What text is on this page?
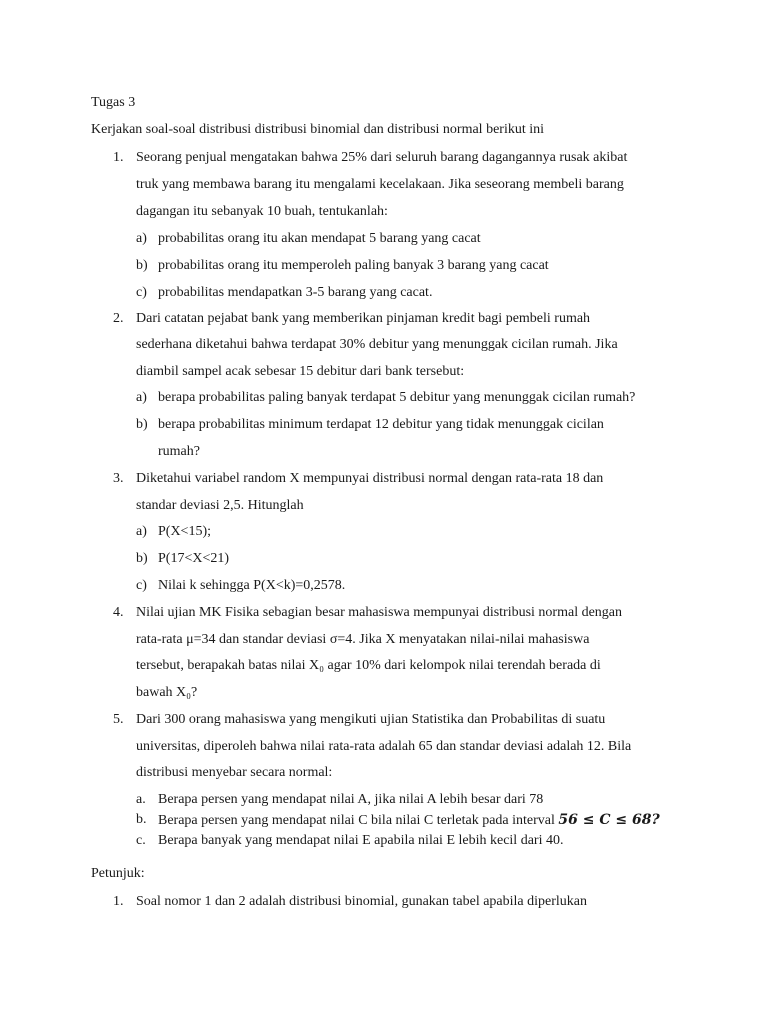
Tugas 3
Kerjakan soal-soal distribusi distribusi binomial dan distribusi normal berikut ini
1. Seorang penjual mengatakan bahwa 25% dari seluruh barang dagangannya rusak akibat
truk yang membawa barang itu mengalami kecelakaan. Jika seseorang membeli barang
dagangan itu sebanyak 10 buah, tentukanlah:
a) probabilitas orang itu akan mendapat 5 barang yang cacat
b) probabilitas orang itu memperoleh paling banyak 3 barang yang cacat
c) probabilitas mendapatkan 3-5 barang yang cacat.
2. Dari catatan pejabat bank yang memberikan pinjaman kredit bagi pembeli rumah
sederhana diketahui bahwa terdapat 30% debitur yang menunggak cicilan rumah. Jika
diambil sampel acak sebesar 15 debitur dari bank tersebut:
a) berapa probabilitas paling banyak terdapat 5 debitur yang menunggak cicilan rumah?
b) berapa probabilitas minimum terdapat 12 debitur yang tidak menunggak cicilan
rumah?
3. Diketahui variabel random X mempunyai distribusi normal dengan rata-rata 18 dan
standar deviasi 2,5. Hitunglah
a) P(X<15);
b) P(17<X<21)
c) Nilai k sehingga P(X<k)=0,2578.
4. Nilai ujian MK Fisika sebagian besar mahasiswa mempunyai distribusi normal dengan
rata-rata μ=34 dan standar deviasi σ=4. Jika X menyatakan nilai-nilai mahasiswa
tersebut, berapakah batas nilai X₀ agar 10% dari kelompok nilai terendah berada di
bawah X₀?
5. Dari 300 orang mahasiswa yang mengikuti ujian Statistika dan Probabilitas di suatu
universitas, diperoleh bahwa nilai rata-rata adalah 65 dan standar deviasi adalah 12. Bila
distribusi menyebar secara normal:
a. Berapa persen yang mendapat nilai A, jika nilai A lebih besar dari 78
b. Berapa persen yang mendapat nilai C bila nilai C terletak pada interval 56 ≤ C ≤ 68?
c. Berapa banyak yang mendapat nilai E apabila nilai E lebih kecil dari 40.
Petunjuk:
1. Soal nomor 1 dan 2 adalah distribusi binomial, gunakan tabel apabila diperlukan
